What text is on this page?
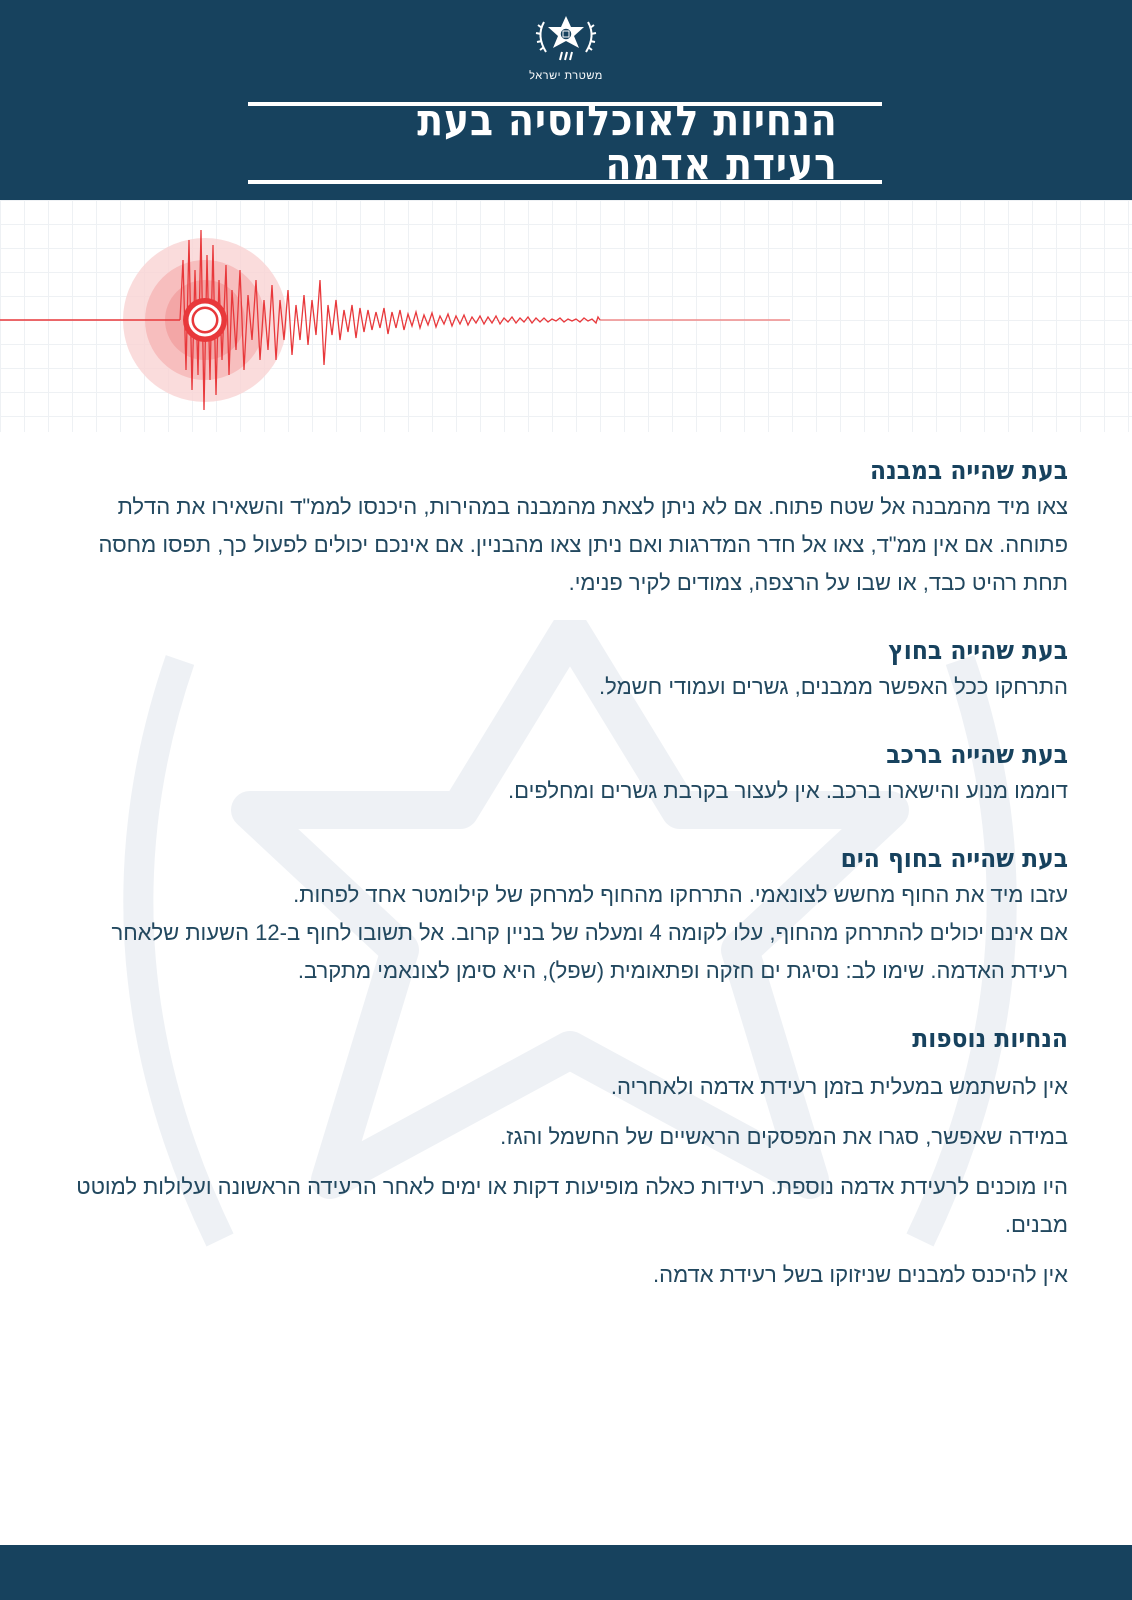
משטרת ישראל
הנחיות לאוכלוסיה בעת רעידת אדמה
בעת שהייה במבנה

צאו מיד מהמבנה אל שטח פתוח. אם לא ניתן לצאת מהמבנה במהירות, היכנסו לממ"ד והשאירו את הדלת פתוחה. אם אין ממ"ד, צאו אל חדר המדרגות ואם ניתן צאו מהבניין. אם אינכם יכולים לפעול כך, תפסו מחסה תחת רהיט כבד, או שבו על הרצפה, צמודים לקיר פנימי.

בעת שהייה בחוץ

התרחקו ככל האפשר ממבנים, גשרים ועמודי חשמל.

בעת שהייה ברכב

דוממו מנוע והישארו ברכב. אין לעצור בקרבת גשרים ומחלפים.

בעת שהייה בחוף הים

עזבו מיד את החוף מחשש לצונאמי. התרחקו מהחוף למרחק של קילומטר אחד לפחות.

אם אינם יכולים להתרחק מהחוף, עלו לקומה 4 ומעלה של בניין קרוב. אל תשובו לחוף ב-12 השעות שלאחר רעידת האדמה. שימו לב: נסיגת ים חזקה ופתאומית (שפל), היא סימן לצונאמי מתקרב.

הנחיות נוספות

אין להשתמש במעלית בזמן רעידת אדמה ולאחריה.

במידה שאפשר, סגרו את המפסקים הראשיים של החשמל והגז.

היו מוכנים לרעידת אדמה נוספת. רעידות כאלה מופיעות דקות או ימים לאחר הרעידה הראשונה ועלולות למוטט מבנים.

אין להיכנס למבנים שניזוקו בשל רעידת אדמה.
